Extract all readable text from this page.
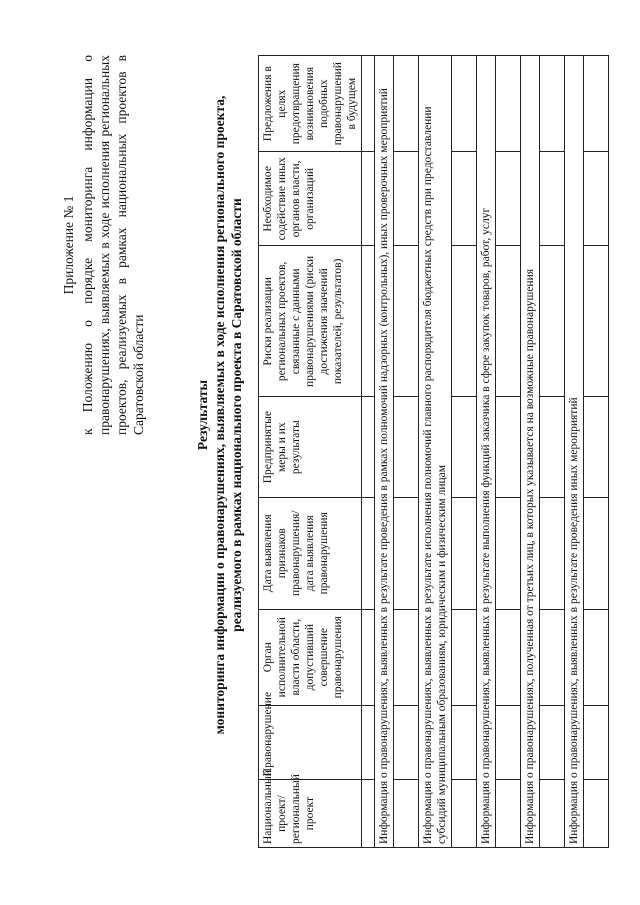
Приложение № 1 к Положению о порядке мониторинга информации о правонарушениях, выявляемых в ходе исполнения региональных проектов, реализуемых в рамках национальных проектов в Саратовской области	Результаты мониторинга информации о правонарушениях, выявляемых в ходе исполнения регионального проекта, реализуемого в рамках национального проекта в Саратовской области
Национальный проект/ региональный проект	Правонарушение	Орган исполнительной власти области, допустивший совершение правонарушения	Дата выявления признаков правонарушения/ дата выявления правонарушения	Предпринятые меры и их результаты	Риски реализации региональных проектов, связанные с данными правонарушениями (риски достижения значений показателей, результатов)	Необходимое содействие иных органов власти, организаций	Предложения в целях предотвращения возникновения подобных правонарушений в будущем

Информация о правонарушениях, выявленных в результате проведения в рамках полномочий надзорных (контрольных), иных проверочных мероприятий							

Информация о правонарушениях, выявленных в результате исполнения полномочий главного распорядителя бюджетных средств при предоставлении субсидий муниципальным образованиям, юридическим и физическим лицам							

Информация о правонарушениях, выявленных в результате выполнения функций заказчика в сфере закупок товаров, работ, услуг							

Информация о правонарушениях, полученная от третьих лиц, в которых указывается на возможные правонарушения							

Информация о правонарушениях, выявленных в результате проведения иных мероприятий							
